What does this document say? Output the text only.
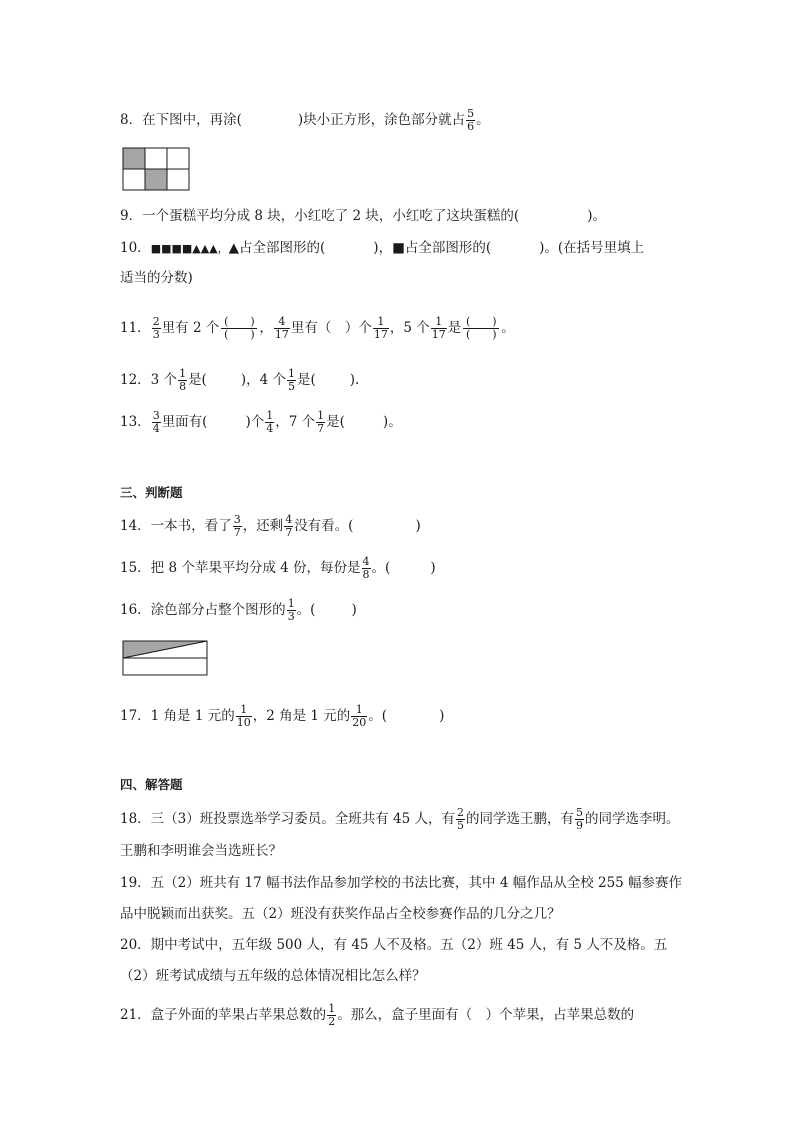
8．在下图中，再涂(	)块小正方形，涂色部分就占 $\frac{5}{6}$ 。
9．一个蛋糕平均分成 8 块，小红吃了 2 块，小红吃了这块蛋糕的(	)。
10．■■■■▲▲▲，▲占全部图形的(	)，■占全部图形的(	)。(在括号里填上
适当的分数)
11． $\frac{2}{3}$ 里有 2 个 (　　)
(　　) ， $\frac{4}{17}$ 里有（　）个 $\frac{1}{17}$ ，5 个 $\frac{1}{17}$ 是 (　　)
(　　) 。
12．3 个 $\frac{1}{8}$ 是(	)，4 个 $\frac{1}{5}$ 是(	).
13． $\frac{3}{4}$ 里面有(	)个 $\frac{1}{4}$ ，7 个 $\frac{1}{7}$ 是(	)。
三、判断题
14．一本书，看了 $\frac{3}{7}$ ，还剩 $\frac{4}{7}$ 没有看。(	)
15．把 8 个苹果平均分成 4 份，每份是 $\frac{4}{8}$ 。(	)
16．涂色部分占整个图形的 $\frac{1}{3}$ 。(	)
17．1 角是 1 元的 $\frac{1}{10}$ ，2 角是 1 元的 $\frac{1}{20}$ 。(	)
四、解答题
18．三（3）班投票选举学习委员。全班共有 45 人，有 $\frac{2}{5}$ 的同学选王鹏，有 $\frac{5}{9}$ 的同学选李明。
王鹏和李明谁会当选班长？
19．五（2）班共有 17 幅书法作品参加学校的书法比赛，其中 4 幅作品从全校 255 幅参赛作
品中脱颖而出获奖。五（2）班没有获奖作品占全校参赛作品的几分之几？
20．期中考试中，五年级 500 人，有 45 人不及格。五（2）班 45 人，有 5 人不及格。五
（2）班考试成绩与五年级的总体情况相比怎么样？
21．盒子外面的苹果占苹果总数的 $\frac{1}{2}$ 。那么，盒子里面有（　）个苹果，占苹果总数的
